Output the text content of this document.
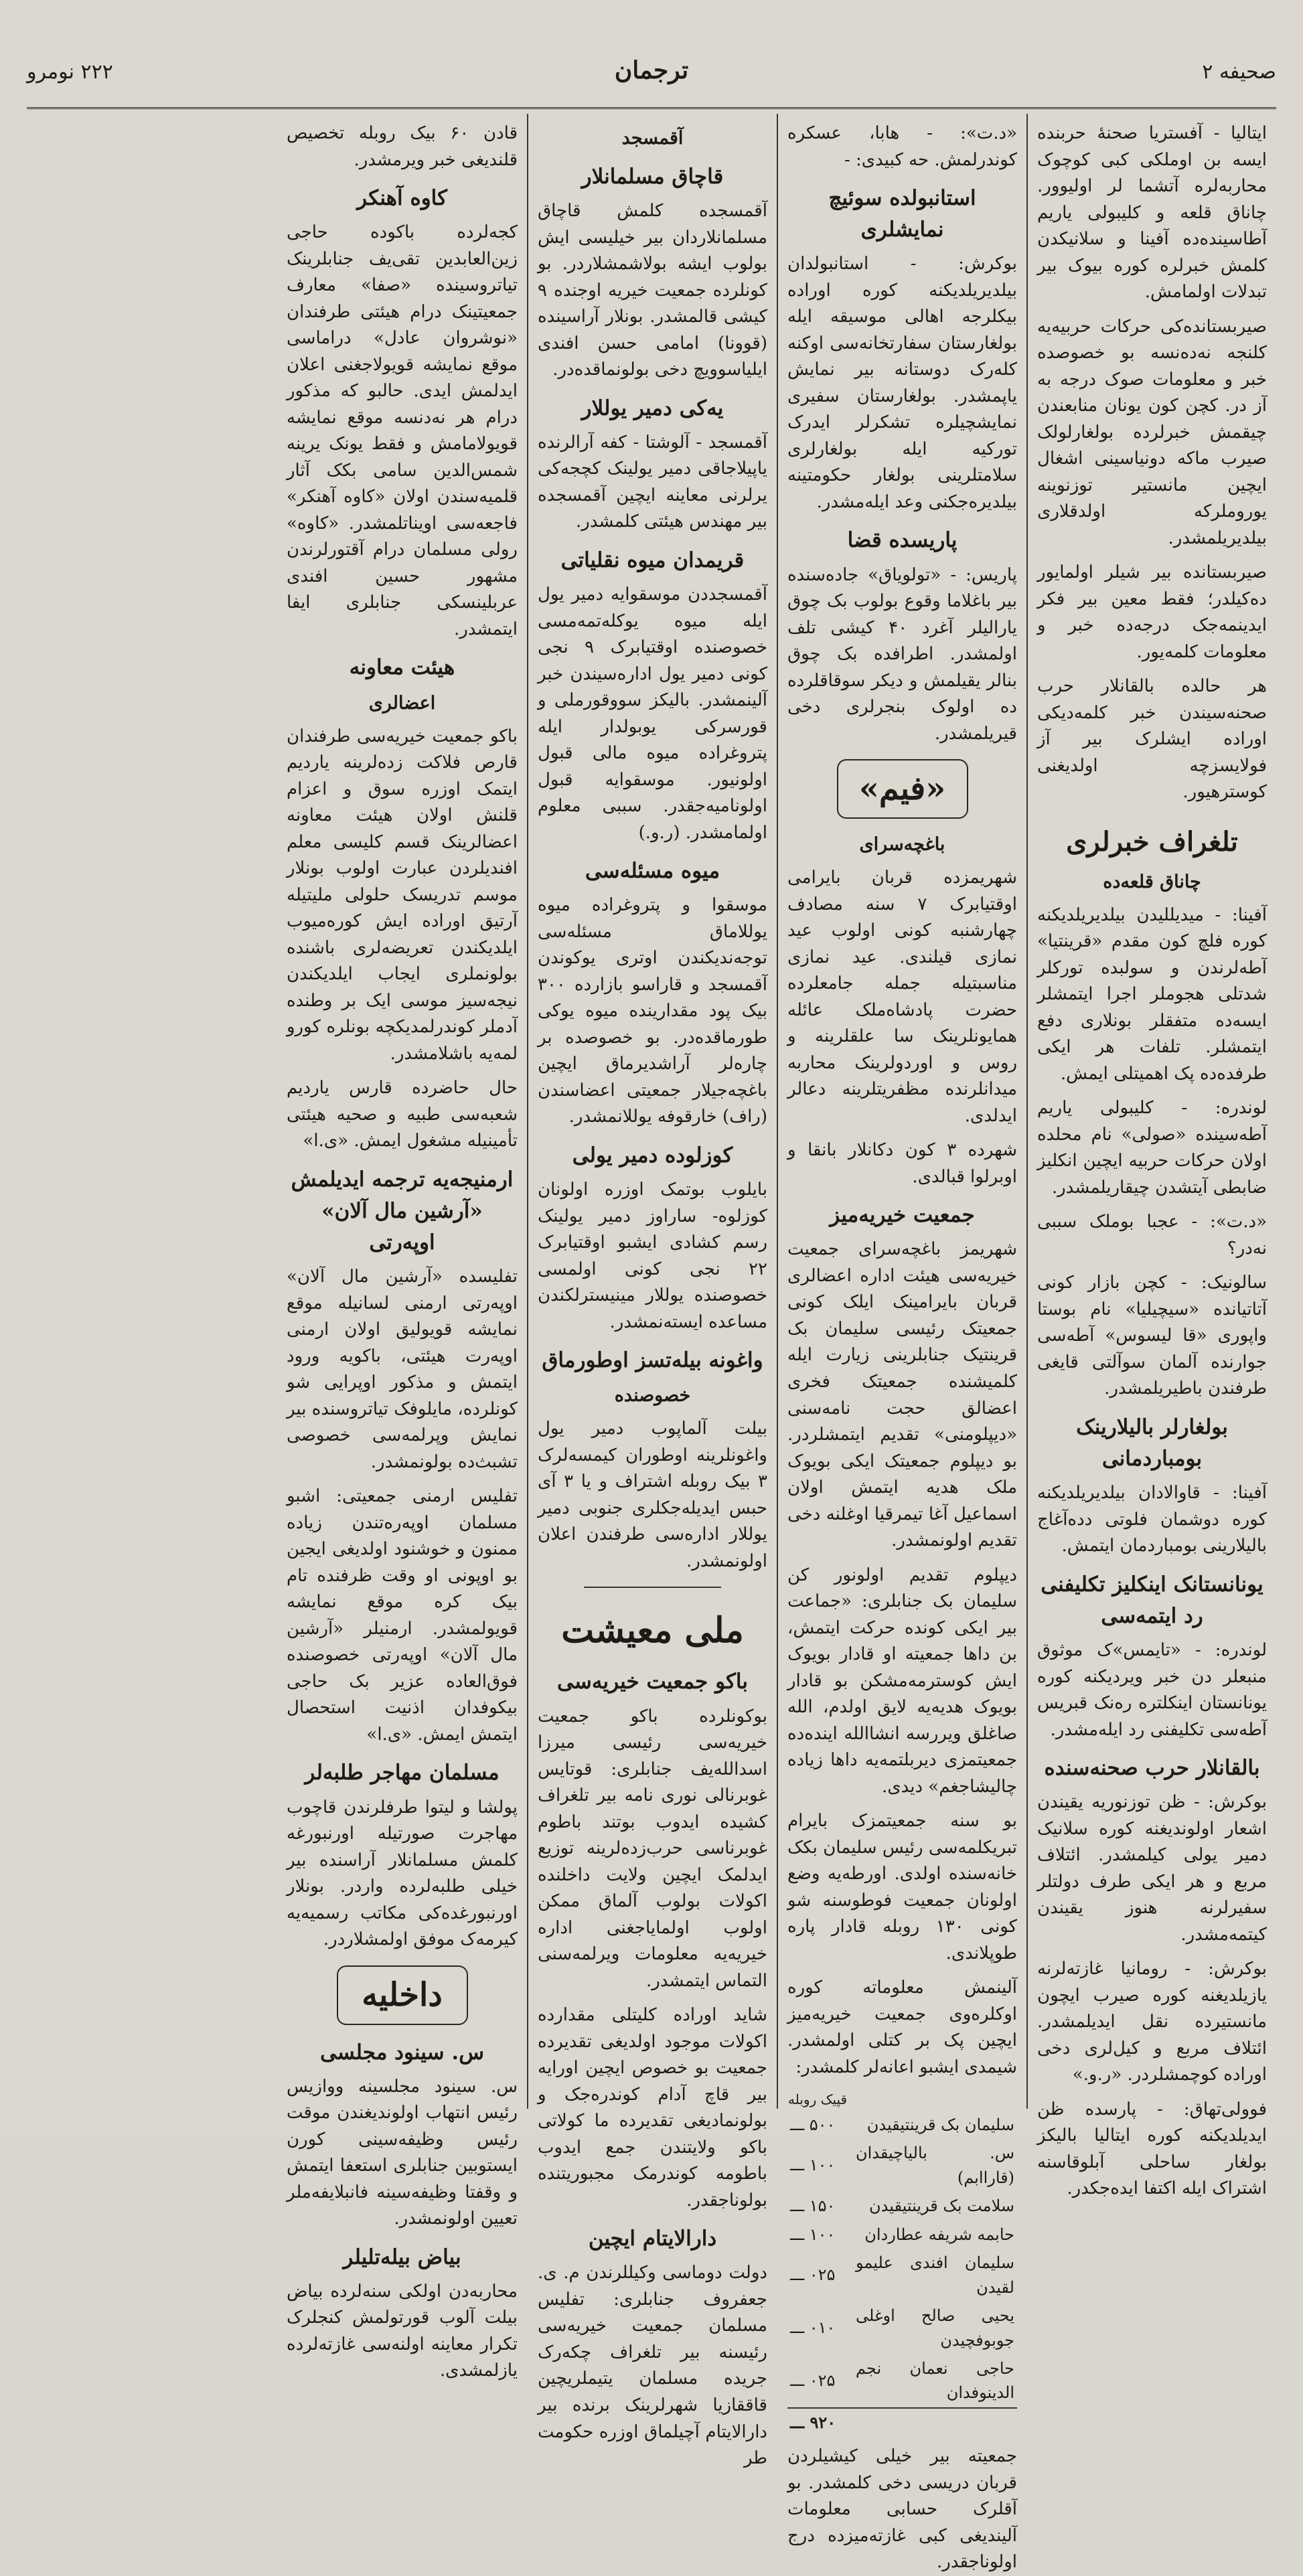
صحیفه ۲
ترجمان
۲۲۲ نومرو

ایتالیا - آفستریا صحنهٔ حربنده ایسه بن اوملکی کبی کوچوک محاربه‌لره آتشما لر اولیوور. چاناق قلعه و کلیبولی یاریم آطاسینده‌ده آفینا و سلانیکدن کلمش خبرلره کوره بیوک بیر تبدلات اولمامش.

صیربستانده‌کی حرکات حربیه‌یه کلنجه نه‌ده‌نسه بو خصوصده خبر و معلومات صوک درجه به آز در. کچن کون یونان منابعندن چیقمش خبرلرده بولغارلولک صیرب ماکه دونیاسینی اشغال ایچین مانستیر توزنوینه یوروملرکه اولدقلاری بیلدیریلمشدر.

صیربستانده بیر شیلر اولمایور ده‌کیلدر؛ فقط معین بیر فکر ایدینمه‌جک درجه‌ده خبر و معلومات کلمه‌یور.

هر حالده بالقانلار حرب صحنه‌سیندن خبر کلمه‌دیکی اوراده ایشلرک بیر آز فولایسزچه اولدیغنی کوسترهیور.

تلغراف خبرلری
چاناق قلعه‌ده

آفینا: - میدیللیدن بیلدیریلدیکنه کوره فلچ کون مقدم «قرینتیا» آطه‌لرندن و سولبده تورکلر شدتلی هجوملر اجرا ایتمشلر ایسه‌ده متفقلر بونلاری دفع ایتمشلر. تلفات هر ایکی طرفده‌ده پک اهمیتلی ایمش.

لوندره: - کلیبولی یاریم آطه‌سینده «صولی» نام محلده اولان حرکات حربیه ایچین انکلیز ضابطی آیتشدن چیقاریلمشدر.

«د.ت»: - عجبا بوملک سببی نه‌در؟

سالونیک: - کچن بازار کونی آتاتیانده «سیچیلیا» نام بوستا واپوری «قا لیسوس» آطه‌سی جوارنده آلمان سوآلتی قایغی طرفندن باطیریلمشدر.

بولغارلر بالیلارینک بومباردمانی

آفینا: - قاوالادان بیلدیریلدیکنه کوره دوشمان فلوتی دده‌آغاج بالیلارینی بومباردمان ایتمش.

یونانستانک اینکلیز تکلیفنی رد ایتمه‌سی

لوندره: - «تایمس»ک موثوق منبعلر دن خبر ویردیکنه کوره یونانستان اینکلتره ره‌نک قبریس آطه‌سی تکلیفنی رد ایله‌مشدر.

بالقانلار حرب صحنه‌سنده

بوکرش: - ظن توزنوریه یقیندن اشعار اولوندیغنه کوره سلانیک دمیر یولی کیلمشدر. ائتلاف مربع و هر ایکی طرف دولتلر سفیرلرنه هنوز یقیندن کیتمه‌مشدر.

بوکرش: - رومانیا غازته‌لرنه یازیلدیغنه کوره صیرب ایچون مانستیرده نقل ایدیلمشدر. ائتلاف مربع و کیل‌لری دخی اوراده کوچمشلردر. «ر.و.»

فوولی‌تهاق: - پارسده ظن ایدیلدیکنه کوره ایتالیا بالیکز بولغار ساحلی آبلوقاسنه اشتراک ایله اکتفا ایده‌جکدر.

«د.ت»: - هابا، عسکره کوندرلمش. حه کبیدی: -

استانبولده سوئیچ نمایشلری

بوکرش: - استانبولدان بیلدیریلدیکنه کوره اوراده بیکلرجه اهالی موسیقه ایله بولغارستان سفارتخانه‌سی اوکنه کله‌رک دوستانه بیر نمایش یاپمشدر. بولغارستان سفیری نمایشچیلره تشکرلر ایدرک تورکیه ایله بولغارلری سلامتلرینی بولغار حکومتینه بیلدیره‌جکنی وعد ایله‌مشدر.

پاریسده قضا

پاریس: - «تولویاق» جاده‌سنده بیر باغلاما وقوع بولوب بک چوق یارالیلر آغرد ۴۰ کیشی تلف اولمشدر. اطرافده بک چوق بنالر یقیلمش و دیکر سوقاقلرده ده اولوک بنجرلری دخی قیریلمشدر.

«فیم»
باغچه‌سرای

شهریمزده قربان بایرامی اوقتیابرک ۷ سنه مصادف چهارشنبه کونی اولوب عید نمازی قیلندی. عید نمازی مناسبتیله جمله جامعلرده حضرت پادشاه‌ملک عائله همایونلرینک سا علقلرینه و روس و اوردولرینک محاربه میدانلرنده مظفریتلرینه دعالر ایدلدی.

شهرده ۳ کون دکانلار بانقا و اوبرلوا قبالدی.

جمعیت خیریه‌میز

شهریمز باغچه‌سرای جمعیت خیریه‌سی هیئت اداره اعضالری قربان بایرامینک ایلک کونی جمعیتک رئیسی سلیمان بک قرینتیک جنابلرینی زیارت ایله کلمیشنده جمعیتک فخری اعضالق حجت نامه‌سنی «دیپلومنی» تقدیم ایتمشلردر. بو دیپلوم جمعیتک ایکی بویوک ملک هدیه ایتمش اولان اسماعیل آغا تیمرقیا اوغلنه دخی تقدیم اولونمشدر.

دیپلوم تقدیم اولونور کن سلیمان بک جنابلری: «جماعت بیر ایکی کونده حرکت ایتمش، بن داها جمعیته او قادار بویوک ایش کوسترمه‌مشکن بو قادار بویوک هدیه‌یه لایق اولدم، الله صاغلق ویررسه انشاالله اینده‌ده جمعیتمزی دیربلتمه‌یه داها زیاده چالیشاجغم» دیدی.

بو سنه جمعیتمزک بایرام تبریکلمه‌سی رئیس سلیمان بکک خانه‌سنده اولدی. اورطه‌یه وضع اولونان جمعیت فوطوسنه شو کونی ۱۳۰ روبله قادار پاره طوپلاندی.

آلینمش معلوماته کوره اوکلره‌وی جمعیت خیریه‌میز ایچین پک بر کتلی اولمشدر. شیمدی ایشبو اعانه‌لر کلمشدر:

	قپیک روبله
سلیمان بک قرینتیقیدن	۵۰۰ ـــ
س. بالیاچیقدان (قاراابم)	۱۰۰ ـــ
سلامت بک قرینتیقیدن	۱۵۰ ـــ
حابمه شریفه عطاردان	۱۰۰ ـــ
سلیمان افندی علیمو لقیدن	۰۲۵ ـــ
یحیی صالح اوغلی جوبوفچیدن	۰۱۰ ـــ
حاجی نعمان نجم الدینوفدان	۰۲۵ ـــ
	۹۲۰ ـــ

جمعیته بیر خیلی کیشیلردن قربان دریسی دخی کلمشدر. بو آقلرک حسابی معلومات آلیندیغی کبی غازته‌میزده درج اولوناجقدر.

آقمسجد
قاچاق مسلمانلار

آقمسجده کلمش قاچاق مسلمانلاردان بیر خیلیسی ایش بولوب ایشه بولاشمشلاردر. بو کونلرده جمعیت خیریه اوجنده ۹ کیشی قالمشدر. بونلار آراسینده (قوونا) امامی حسن افندی ایلیاسوویچ دخی بولونماقده‌در.

یه‌کی دمیر یوللار

آقمسجد - آلوشتا - کفه آرالرنده یاپیلاجاقی دمیر یولینک کچجه‌کی یرلرنی معاینه ایچین آقمسجده بیر مهندس هیئتی کلمشدر.

قریمدان میوه نقلیاتی

آقمسجددن موسقوایه دمیر یول ایله میوه یوکله‌تمه‌مسی خصوصنده اوقتیابرک ۹ نجی کونی دمیر یول اداره‌سیندن خبر آلینمشدر. بالیکز سووقورملی و قورسرکی یوبولدار ایله پتروغراده میوه مالی قبول اولونیور. موسقوایه قبول اولونامیه‌جقدر. سببی معلوم اولمامشدر. (ر.و.)

میوه مسئله‌سی

موسقوا و پتروغراده میوه یوللاماق مسئله‌سی توجه‌ندیکندن اوتری یوکوندن آقمسجد و قاراسو بازارده ۳۰۰ بیک پود مقدارینده میوه یوکی طورماقده‌در. بو خصوصده بر چاره‌لر آراشدیرماق ایچین باغچه‌جیلار جمعیتی اعضاسندن (راف) خارقوفه یوللانمشدر.

کوزلوده دمیر یولی

بایلوب بوتمک اوزره اولونان کوزلوه- ساراوز دمیر یولینک رسم کشادی ایشبو اوقتیابرک ۲۲ نجی کونی اولمسی خصوصنده یوللار مینیسترلکندن مساعده ایسته‌نمشدر.

واغونه بیله‌تسز اوطورماق
خصوصنده

بیلت آلماپوب دمیر یول واغونلرینه اوطوران کیمسه‌لرک ۳ بیک روبله اشتراف و یا ۳ آی حبس ایدیله‌جکلری جنوبی دمیر یوللار اداره‌سی طرفندن اعلان اولونمشدر.

ملی معیشت
باکو جمعیت خیریه‌سی

بوکونلرده باکو جمعیت خیریه‌سی رئیسی میرزا اسدالله‌یف جنابلری: قوتایس غوبرنالی نوری نامه بیر تلغراف کشیده ایدوب بوتند باطوم غوبرناسی حرب‌زده‌لرینه توزیع ایدلمک ایچین ولایت داخلنده اکولات بولوب آلماق ممکن اولوب اولمایاجغنی اداره خیریه‌یه معلومات ویرلمه‌سنی التماس ایتمشدر.

شاید اوراده کلیتلی مقدارده اکولات موجود اولدیغی تقدیرده جمعیت بو خصوص ایچین اورایه بیر قاچ آدام کوندره‌جک و بولونمادیغی تقدیرده ما کولاتی باکو ولایتندن جمع ایدوب باطومه کوندرمک مجبوریتنده بولوناجقدر.

دارالایتام ایچین

دولت دوماسی وکیللرندن م. ی. جعفروف جنابلری: تفلیس مسلمان جمعیت خیریه‌سی رئیسنه بیر تلغراف چکه‌رک جریده مسلمان یتیملریچین قاققازیا شهرلرینک برنده بیر دارالایتام آچیلماق اوزره حکومت طر

قادن ۶۰ بیک روبله تخصیص قلندیغی خبر ویرمشدر.

کاوه آهنکر

کجه‌لرده باکوده حاجی زین‌العابدین تقی‌یف جنابلرینک تیاتروسینده «صفا» معارف جمعیتینک درام هیئتی طرفندان «نوشروان عادل» دراماسی موقع نمایشه قویولاجغنی اعلان ایدلمش ایدی. حالبو که مذکور درام هر نه‌دنسه موقع نمایشه قویولامامش و فقط یونک یرینه شمس‌الدین سامی بکک آثار قلمیه‌سندن اولان «کاوه آهنکر» فاجعه‌سی اویناتلمشدر. «کاوه» رولی مسلمان درام آقتورلرندن مشهور حسین افندی عربلینسکی جنابلری ایفا ایتمشدر.

هیئت معاونه
اعضالری

باکو جمعیت خیریه‌سی طرفندان قارص فلاکت زده‌لرینه یاردیم ایتمک اوزره سوق و اعزام قلنش اولان هیئت معاونه اعضالرینک قسم کلیسی معلم افندیلردن عبارت اولوب بونلار موسم تدریسک حلولی ملیتیله آرتیق اوراده ایش کوره‌میوب ایلدیکندن تعریضه‌لری باشنده بولونملری ایجاب ایلدیکندن نیجه‌سیز موسی ایک بر وطنده آدملر کوندرلمدیکچه بونلره کورو لمه‌یه باشلامشدر.

حال حاضرده قارس یاردیم شعبه‌سی طبیه و صحیه هیئتی تأمینیله مشغول ایمش. «ی.ا»

ارمنیجه‌یه ترجمه ایدیلمش «آرشین مال آلان» اوپه‌رتی

تفلیسده «آرشین مال آلان» اوپه‌رتی ارمنی لسانیله موقع نمایشه قویولیق اولان ارمنی اوپه‌رت هیئتی، باکویه ورود ایتمش و مذکور اوپرایی شو کونلرده، مایلوفک تیاتروسنده بیر نمایش وپرلمه‌سی خصوصی تشبث‌ده بولونمشدر.

تفلیس ارمنی جمعیتی: اشبو مسلمان اوپه‌ره‌تندن زیاده ممنون و خوشنود اولدیغی ایجین بو اوپونی او وقت ظرفنده تام بیک کره موقع نمایشه قویولمشدر. ارمنیلر «آرشین مال آلان» اوپه‌رتی خصوصنده فوق‌العاده عزیر بک حاجی بیکوفدان اذنیت استحصال ایتمش ایمش. «ی.ا»

مسلمان مهاجر طلبه‌لر

پولشا و لیتوا طرفلرندن قاچوب مهاجرت صورتیله اورنبورغه کلمش مسلمانلار آراسنده بیر خیلی طلبه‌لرده واردر. بونلار اورنبورغده‌کی مکاتب رسمیه‌یه کیرمه‌ک موفق اولمشلاردر.

داخلیه
س. سینود مجلسی

س. سینود مجلسینه ووازیس رئیس انتهاب اولوندیغندن موقت رئیس وظیفه‌سینی کورن ایستوبین جنابلری استعفا ایتمش و وقفتا وظیفه‌سینه فانبلایفه‌ملر تعیین اولونمشدر.

بیاض بیله‌تلیلر

محاربه‌دن اولکی سنه‌لرده بیاض بیلت آلوب قورتولمش کنجلرک تکرار معاینه اولنه‌سی غازته‌لرده یازلمشدی.
